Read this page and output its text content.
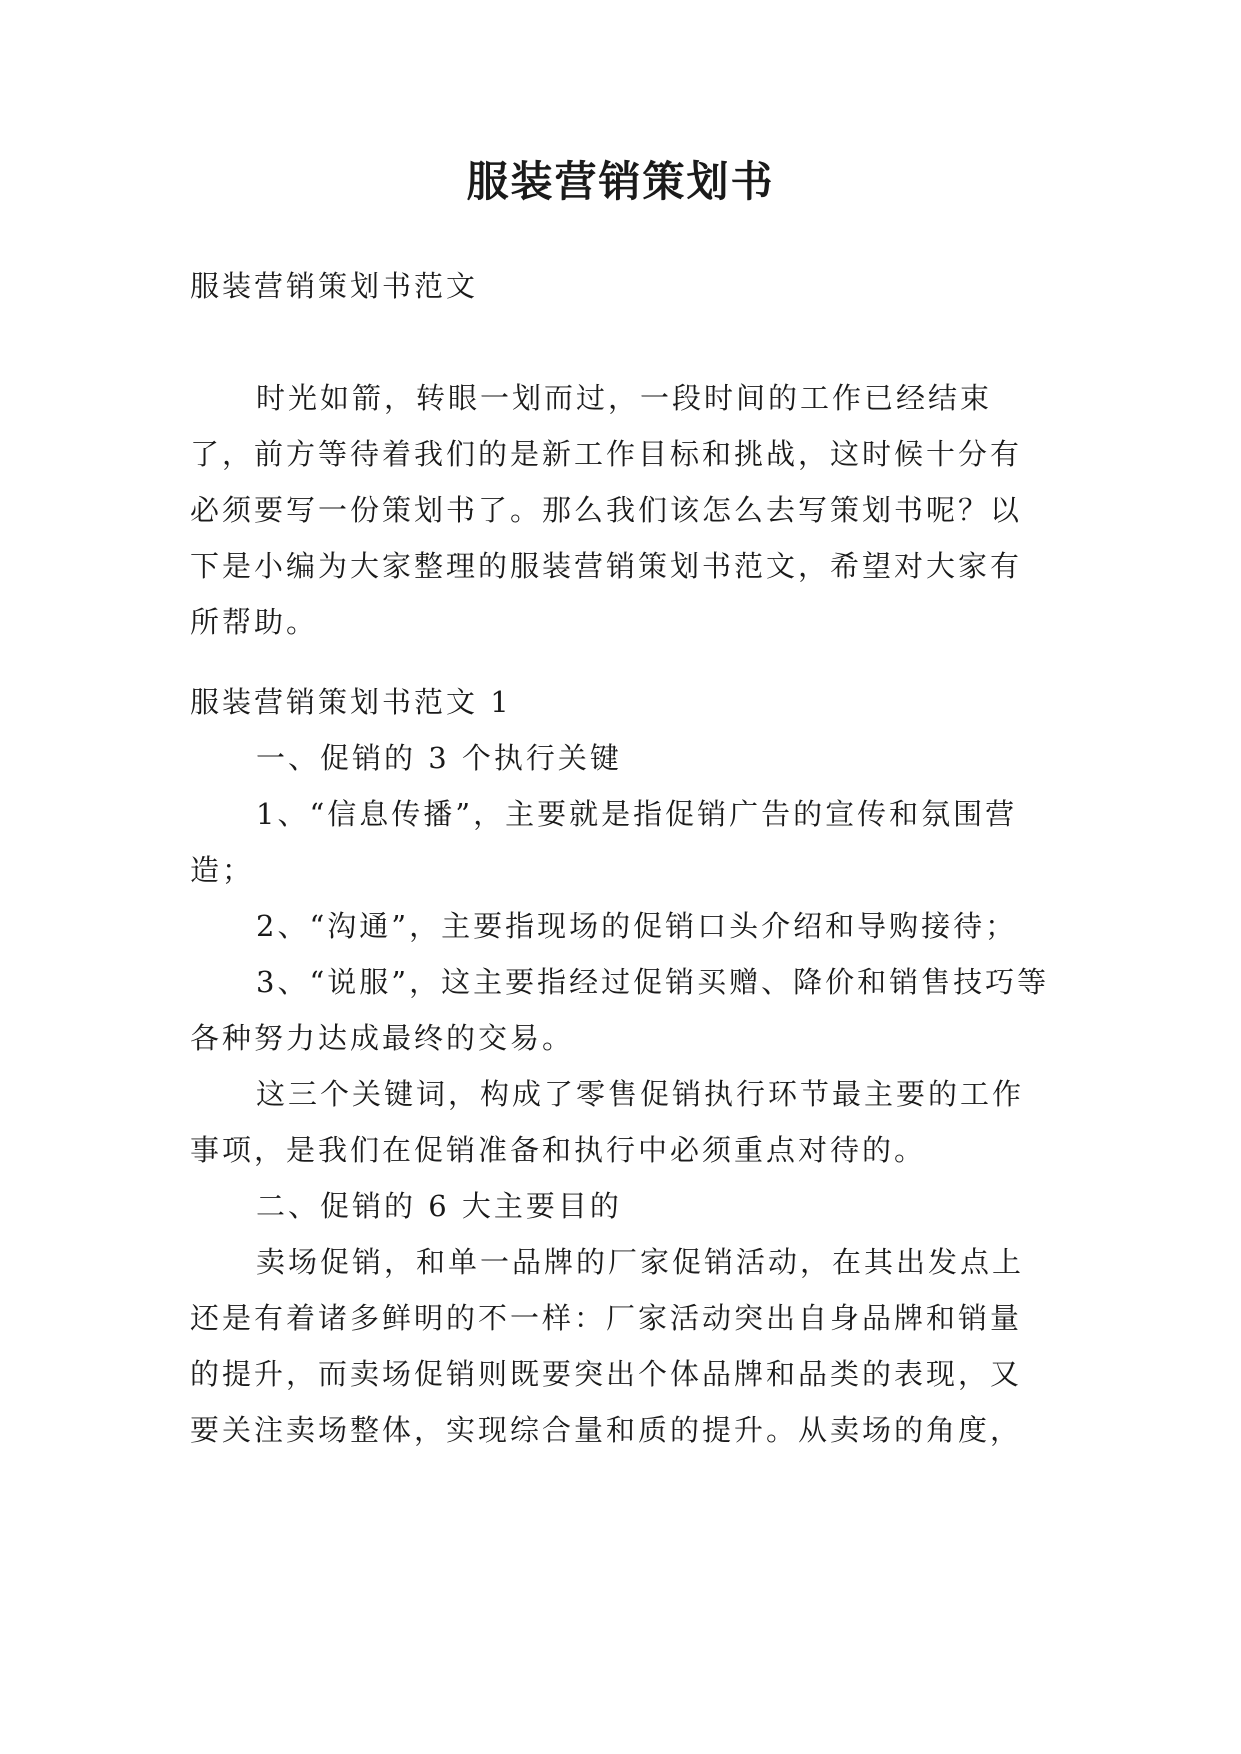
服装营销策划书

服装营销策划书范文

时光如箭，转眼一划而过，一段时间的工作已经结束了，前方等待着我们的是新工作目标和挑战，这时候十分有必须要写一份策划书了。那么我们该怎么去写策划书呢？以下是小编为大家整理的服装营销策划书范文，希望对大家有所帮助。

服装营销策划书范文 1

一、促销的 3 个执行关键

1、“信息传播”，主要就是指促销广告的宣传和氛围营造；

2、“沟通”，主要指现场的促销口头介绍和导购接待；

3、“说服”，这主要指经过促销买赠、降价和销售技巧等各种努力达成最终的交易。

这三个关键词，构成了零售促销执行环节最主要的工作事项，是我们在促销准备和执行中必须重点对待的。

二、促销的 6 大主要目的

卖场促销，和单一品牌的厂家促销活动，在其出发点上还是有着诸多鲜明的不一样：厂家活动突出自身品牌和销量的提升，而卖场促销则既要突出个体品牌和品类的表现，又要关注卖场整体，实现综合量和质的提升。从卖场的角度，
